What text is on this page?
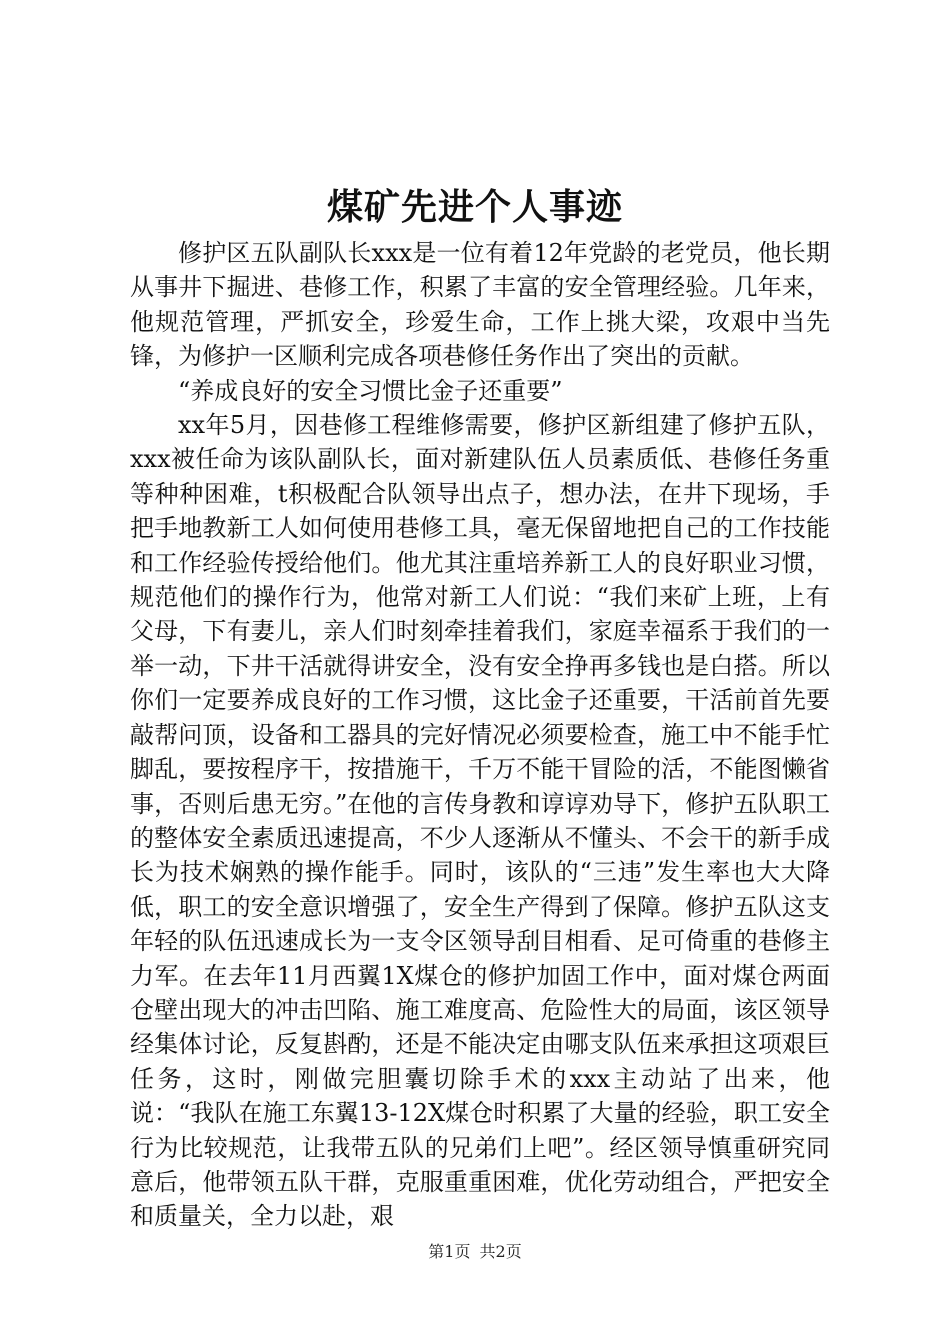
煤矿先进个人事迹

修护区五队副队长xxx是一位有着12年党龄的老党员，他长期从事井下掘进、巷修工作，积累了丰富的安全管理经验。几年来，他规范管理，严抓安全，珍爱生命，工作上挑大梁，攻艰中当先锋，为修护一区顺利完成各项巷修任务作出了突出的贡献。

“养成良好的安全习惯比金子还重要”

xx年5月，因巷修工程维修需要，修护区新组建了修护五队，xxx被任命为该队副队长，面对新建队伍人员素质低、巷修任务重等种种困难，t积极配合队领导出点子，想办法，在井下现场，手把手地教新工人如何使用巷修工具，毫无保留地把自己的工作技能和工作经验传授给他们。他尤其注重培养新工人的良好职业习惯，规范他们的操作行为，他常对新工人们说：“我们来矿上班，上有父母，下有妻儿，亲人们时刻牵挂着我们，家庭幸福系于我们的一举一动，下井干活就得讲安全，没有安全挣再多钱也是白搭。所以你们一定要养成良好的工作习惯，这比金子还重要，干活前首先要敲帮问顶，设备和工器具的完好情况必须要检查，施工中不能手忙脚乱，要按程序干，按措施干，千万不能干冒险的活，不能图懒省事，否则后患无穷。”在他的言传身教和谆谆劝导下，修护五队职工的整体安全素质迅速提高，不少人逐渐从不懂头、不会干的新手成长为技术娴熟的操作能手。同时，该队的“三违”发生率也大大降低，职工的安全意识增强了，安全生产得到了保障。修护五队这支年轻的队伍迅速成长为一支令区领导刮目相看、足可倚重的巷修主力军。在去年11月西翼1X煤仓的修护加固工作中，面对煤仓两面仓壁出现大的冲击凹陷、施工难度高、危险性大的局面，该区领导经集体讨论，反复斟酌，还是不能决定由哪支队伍来承担这项艰巨任务，这时，刚做完胆囊切除手术的xxx主动站了出来，他说：“我队在施工东翼13-12X煤仓时积累了大量的经验，职工安全行为比较规范，让我带五队的兄弟们上吧”。经区领导慎重研究同意后，他带领五队干群，克服重重困难，优化劳动组合，严把安全和质量关，全力以赴，艰

第1页 共2页
